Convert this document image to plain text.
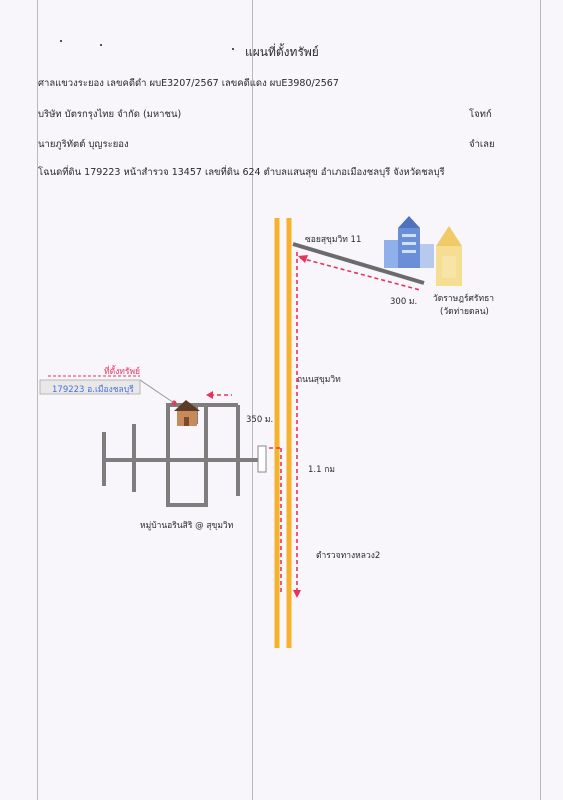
แผนที่ตั้งทรัพย์
ศาลแขวงระยอง เลขคดีดำ ผบE3207/2567 เลขคดีแดง ผบE3980/2567
บริษัท บัตรกรุงไทย จำกัด (มหาชน)	โจทก์
นายภูริทัตต์ บุญระยอง	จำเลย
โฉนดที่ดิน 179223 หน้าสำรวจ 13457 เลขที่ดิน 624 ตำบลแสนสุข อำเภอเมืองชลบุรี จังหวัดชลบุรี
ซอยสุขุมวิท 11
300 ม. วัดราษฎร์ศรัทธา
(วัดท่ายดลน)
ถนนสุขุมวิท
350 ม.
1.1 กม
ตำรวจทางหลวง2
หมู่บ้านอรินสิริ @ สุขุมวิท
ที่ตั้งทรัพย์
179223 อ.เมืองชลบุรี
